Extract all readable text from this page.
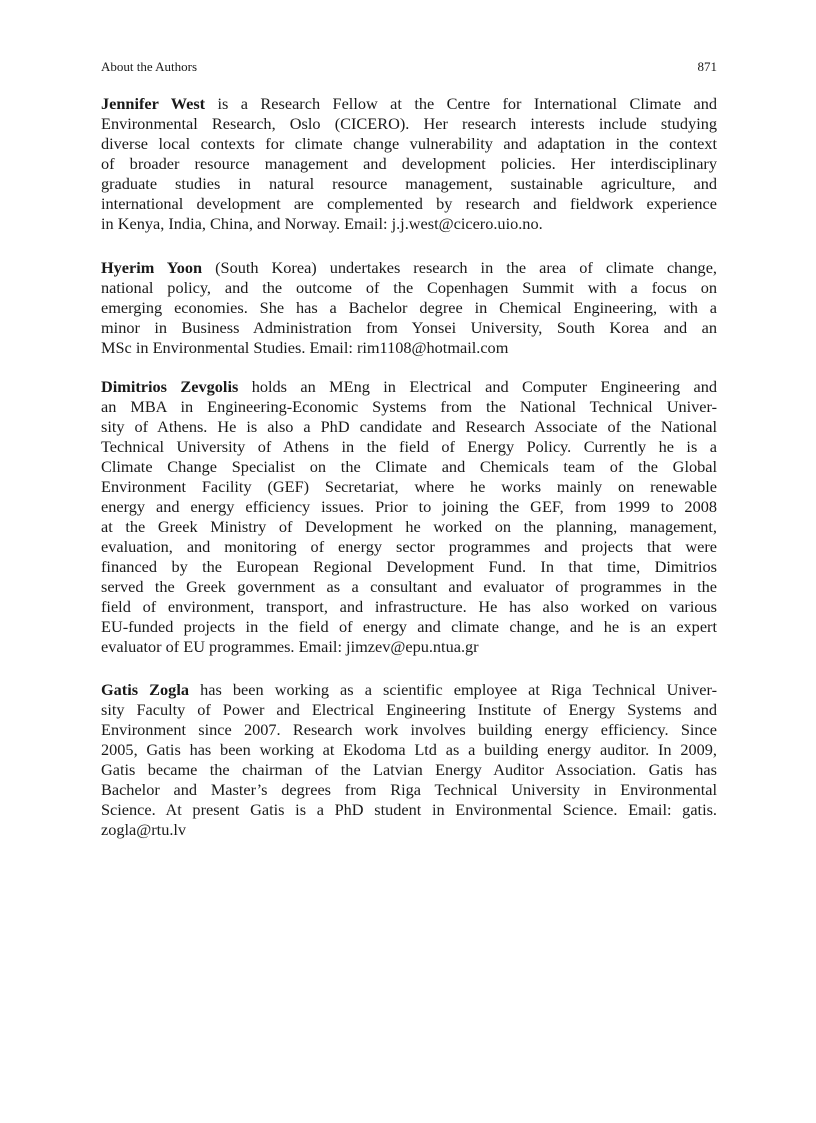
About the Authors	871
Jennifer West is a Research Fellow at the Centre for International Climate and
Environmental Research, Oslo (CICERO). Her research interests include studying
diverse local contexts for climate change vulnerability and adaptation in the context
of broader resource management and development policies. Her interdisciplinary
graduate studies in natural resource management, sustainable agriculture, and
international development are complemented by research and fieldwork experience
in Kenya, India, China, and Norway. Email: j.j.west@cicero.uio.no.
Hyerim Yoon (South Korea) undertakes research in the area of climate change,
national policy, and the outcome of the Copenhagen Summit with a focus on
emerging economies. She has a Bachelor degree in Chemical Engineering, with a
minor in Business Administration from Yonsei University, South Korea and an
MSc in Environmental Studies. Email: rim1108@hotmail.com
Dimitrios Zevgolis holds an MEng in Electrical and Computer Engineering and
an MBA in Engineering-Economic Systems from the National Technical Univer-
sity of Athens. He is also a PhD candidate and Research Associate of the National
Technical University of Athens in the field of Energy Policy. Currently he is a
Climate Change Specialist on the Climate and Chemicals team of the Global
Environment Facility (GEF) Secretariat, where he works mainly on renewable
energy and energy efficiency issues. Prior to joining the GEF, from 1999 to 2008
at the Greek Ministry of Development he worked on the planning, management,
evaluation, and monitoring of energy sector programmes and projects that were
financed by the European Regional Development Fund. In that time, Dimitrios
served the Greek government as a consultant and evaluator of programmes in the
field of environment, transport, and infrastructure. He has also worked on various
EU-funded projects in the field of energy and climate change, and he is an expert
evaluator of EU programmes. Email: jimzev@epu.ntua.gr
Gatis Zogla has been working as a scientific employee at Riga Technical Univer-
sity Faculty of Power and Electrical Engineering Institute of Energy Systems and
Environment since 2007. Research work involves building energy efficiency. Since
2005, Gatis has been working at Ekodoma Ltd as a building energy auditor. In 2009,
Gatis became the chairman of the Latvian Energy Auditor Association. Gatis has
Bachelor and Master’s degrees from Riga Technical University in Environmental
Science. At present Gatis is a PhD student in Environmental Science. Email: gatis.
zogla@rtu.lv
